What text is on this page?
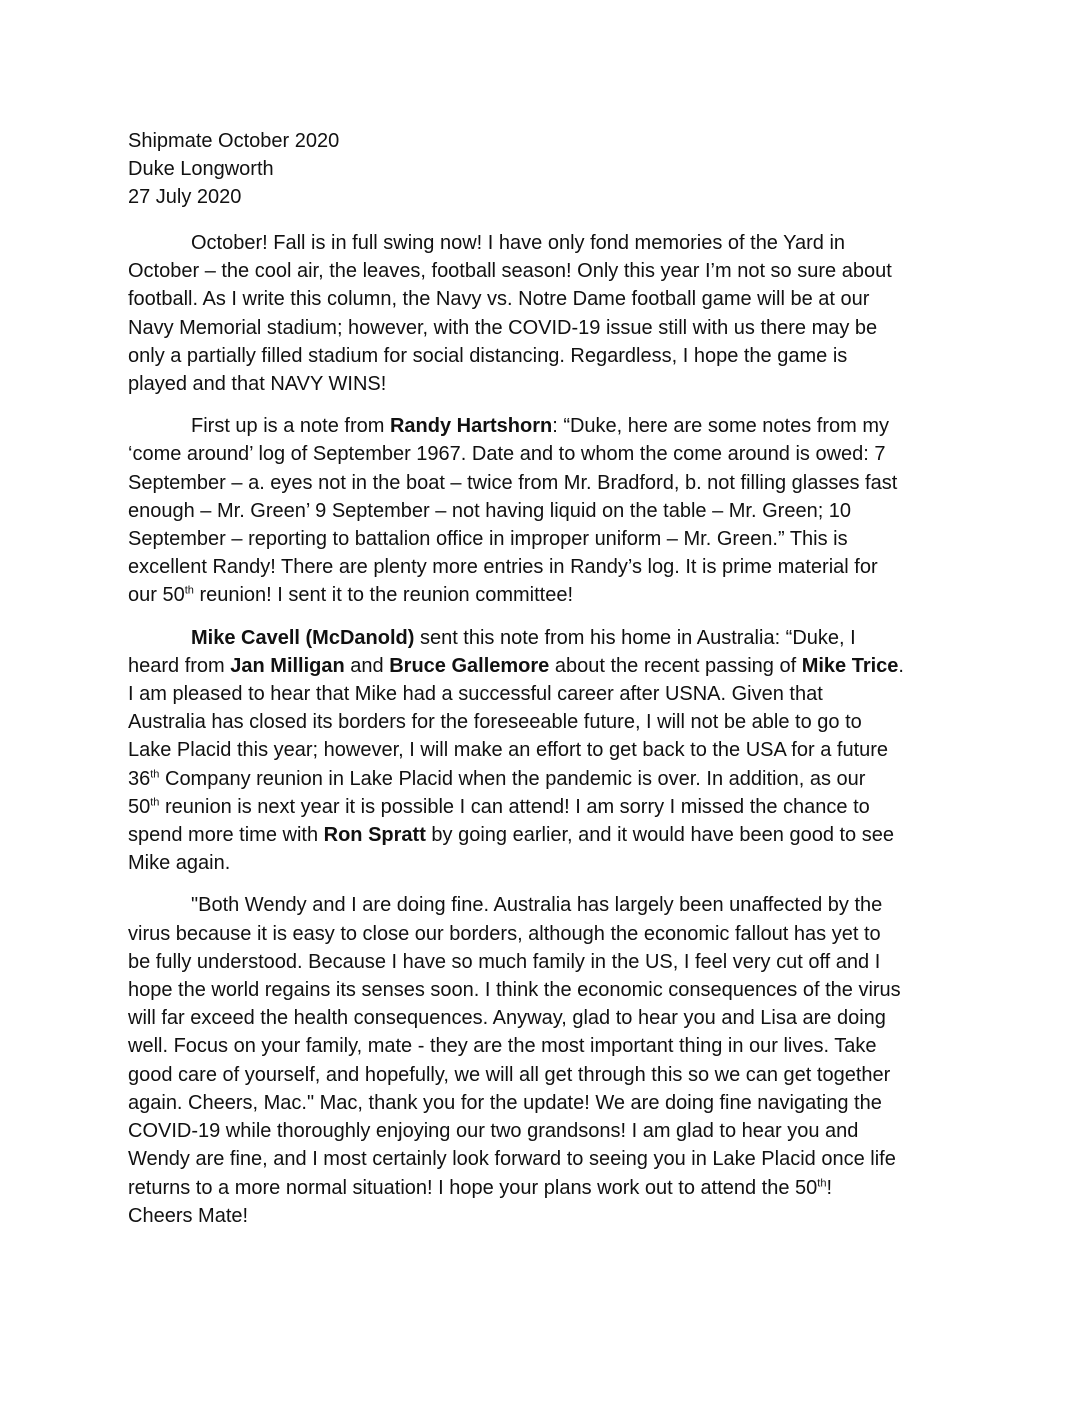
Shipmate October 2020
Duke Longworth
27 July 2020
October! Fall is in full swing now! I have only fond memories of the Yard in
October – the cool air, the leaves, football season! Only this year I’m not so sure about
football. As I write this column, the Navy vs. Notre Dame football game will be at our
Navy Memorial stadium; however, with the COVID-19 issue still with us there may be
only a partially filled stadium for social distancing. Regardless, I hope the game is
played and that NAVY WINS!
First up is a note from Randy Hartshorn: “Duke, here are some notes from my
‘come around’ log of September 1967. Date and to whom the come around is owed: 7
September – a. eyes not in the boat – twice from Mr. Bradford, b. not filling glasses fast
enough – Mr. Green’ 9 September – not having liquid on the table – Mr. Green; 10
September – reporting to battalion office in improper uniform – Mr. Green.” This is
excellent Randy! There are plenty more entries in Randy’s log. It is prime material for
our 50th reunion! I sent it to the reunion committee!
Mike Cavell (McDanold) sent this note from his home in Australia: “Duke, I
heard from Jan Milligan and Bruce Gallemore about the recent passing of Mike Trice.
I am pleased to hear that Mike had a successful career after USNA. Given that
Australia has closed its borders for the foreseeable future, I will not be able to go to
Lake Placid this year; however, I will make an effort to get back to the USA for a future
36th Company reunion in Lake Placid when the pandemic is over. In addition, as our
50th reunion is next year it is possible I can attend! I am sorry I missed the chance to
spend more time with Ron Spratt by going earlier, and it would have been good to see
Mike again.
"Both Wendy and I are doing fine. Australia has largely been unaffected by the
virus because it is easy to close our borders, although the economic fallout has yet to
be fully understood. Because I have so much family in the US, I feel very cut off and I
hope the world regains its senses soon. I think the economic consequences of the virus
will far exceed the health consequences. Anyway, glad to hear you and Lisa are doing
well. Focus on your family, mate - they are the most important thing in our lives. Take
good care of yourself, and hopefully, we will all get through this so we can get together
again. Cheers, Mac." Mac, thank you for the update! We are doing fine navigating the
COVID-19 while thoroughly enjoying our two grandsons! I am glad to hear you and
Wendy are fine, and I most certainly look forward to seeing you in Lake Placid once life
returns to a more normal situation! I hope your plans work out to attend the 50th!
Cheers Mate!
